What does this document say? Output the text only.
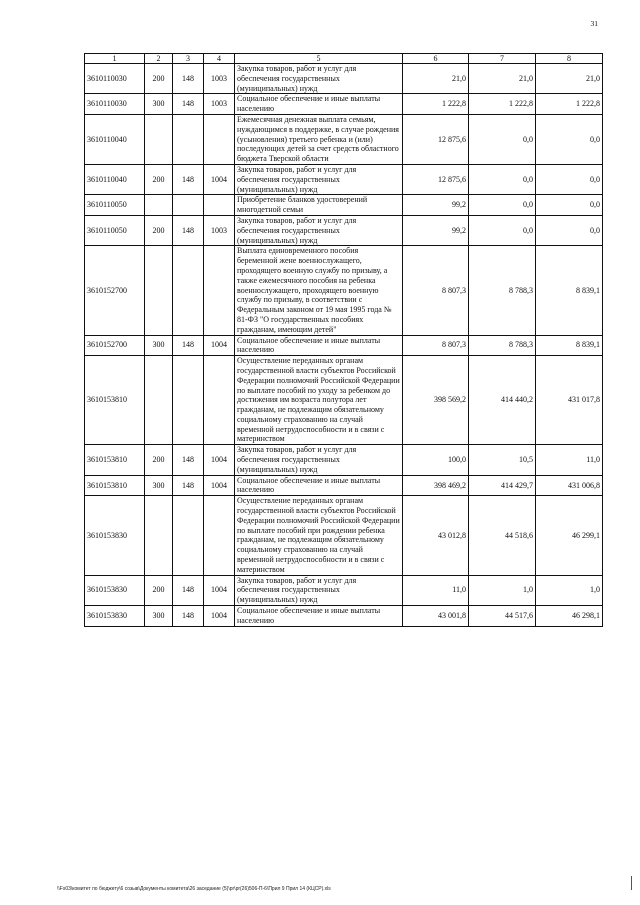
31
1	2	3	4	5	6	7	8
3610110030	200	148	1003	Закупка товаров, работ и услуг для обеспечения государственных (муниципальных) нужд	21,0	21,0	21,0
3610110030	300	148	1003	Социальное обеспечение и иные выплаты населению	1 222,8	1 222,8	1 222,8
3610110040				Ежемесячная денежная выплата семьям, нуждающимся в поддержке, в случае рождения (усыновления) третьего ребенка и (или) последующих детей за счет средств областного бюджета Тверской области	12 875,6	0,0	0,0
3610110040	200	148	1004	Закупка товаров, работ и услуг для обеспечения государственных (муниципальных) нужд	12 875,6	0,0	0,0
3610110050				Приобретение бланков удостоверений многодетной семьи	99,2	0,0	0,0
3610110050	200	148	1003	Закупка товаров, работ и услуг для обеспечения государственных (муниципальных) нужд	99,2	0,0	0,0
3610152700				Выплата единовременного пособия беременной жене военнослужащего, проходящего военную службу по призыву, а также ежемесячного пособия на ребенка военнослужащего, проходящего военную службу по призыву, в соответствии с Федеральным законом от 19 мая 1995 года № 81-ФЗ "О государственных пособиях гражданам, имеющим детей"	8 807,3	8 788,3	8 839,1
3610152700	300	148	1004	Социальное обеспечение и иные выплаты населению	8 807,3	8 788,3	8 839,1
3610153810				Осуществление переданных органам государственной власти субъектов Российской Федерации полномочий Российской Федерации по выплате пособий по уходу за ребенком до достижения им возраста полутора лет гражданам, не подлежащим обязательному социальному страхованию на случай временной нетрудоспособности и в связи с материнством	398 569,2	414 440,2	431 017,8
3610153810	200	148	1004	Закупка товаров, работ и услуг для обеспечения государственных (муниципальных) нужд	100,0	10,5	11,0
3610153810	300	148	1004	Социальное обеспечение и иные выплаты населению	398 469,2	414 429,7	431 006,8
3610153830				Осуществление переданных органам государственной власти субъектов Российской Федерации полномочий Российской Федерации по выплате пособий при рождении ребенка гражданам, не подлежащим обязательному социальному страхованию на случай временной нетрудоспособности и в связи с материнством	43 012,8	44 518,6	46 299,1
3610153830	200	148	1004	Закупка товаров, работ и услуг для обеспечения государственных (муниципальных) нужд	11,0	1,0	1,0
3610153830	300	148	1004	Социальное обеспечение и иные выплаты населению	43 001,8	44 517,6	46 298,1
\\Fs03\комитет по бюджету\6 созыв\Документы комитета\26 заседание (5)\pr\pr(26)506-П-6\Прил 9 Прил 14 (КЦСР).xls
